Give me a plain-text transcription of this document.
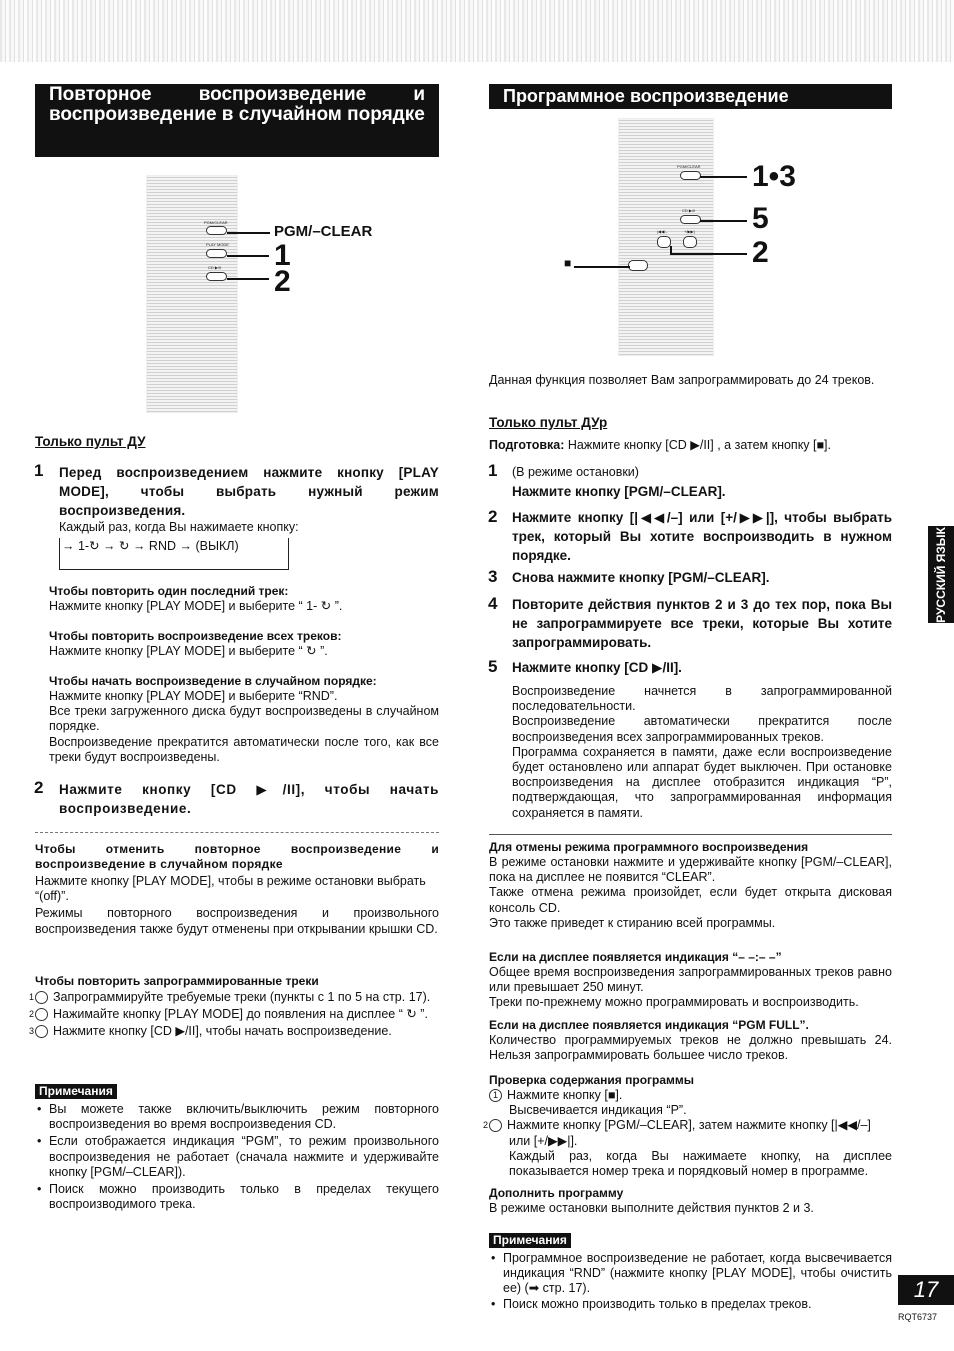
Повторное воспроизведение и воспроизведение в случайном порядке
Программное воспроизведение
PGM/CLEAR
PLAY MODE
CD ▶/II
PGM/–CLEAR
1
2
PGM/CLEAR
CD ▶/II
|◀◀/–	+/▶▶|
1•3
5
2
■
Только пульт ДУ
1 Перед воспроизведением нажмите кнопку [PLAY MODE], чтобы выбрать нужный режим воспроизведения.
Каждый раз, когда Вы нажимаете кнопку:
→ 1-↻ → ↻ → RND → (ВЫКЛ)
Чтобы повторить один последний трек:
Нажмите кнопку [PLAY MODE] и выберите “ 1- ↻ ”.
Чтобы повторить воспроизведение всех треков:
Нажмите кнопку [PLAY MODE] и выберите “ ↻ ”.
Чтобы начать воспроизведение в случайном порядке:

Нажмите кнопку [PLAY MODE] и выберите “RND”.

Все треки загруженного диска будут воспроизведены в случайном порядке.

Воспроизведение прекратится автоматически после того, как все треки будут воспроизведены.

2 Нажмите кнопку [CD ▶/II], чтобы начать воспроизведение.
Чтобы отменить повторное воспроизведение и воспроизведение в случайном порядке

Нажмите кнопку [PLAY MODE], чтобы в режиме остановки выбрать “(off)”.

Режимы повторного воспроизведения и произвольного воспроизведения также будут отменены при открывании крышки CD.

Чтобы повторить запрограммированные треки

1 Запрограммируйте требуемые треки (пункты с 1 по 5 на стр. 17).

2 Нажимайте кнопку [PLAY MODE] до появления на дисплее “ ↻ ”.

3 Нажмите кнопку [CD ▶/II], чтобы начать воспроизведение.

Примечания

• Вы можете также включить/выключить режим повторного воспроизведения во время воспроизведения CD.

• Если отображается индикация “PGM”, то режим произвольного воспроизведения не работает (сначала нажмите и удерживайте кнопку [PGM/–CLEAR]).

• Поиск можно производить только в пределах текущего воспроизводимого трека.

Данная функция позволяет Вам запрограммировать до 24 треков.
Только пульт ДУр
Подготовка: Нажмите кнопку [CD ▶/II] , а затем кнопку [■].
1 (В режиме остановки)
Нажмите кнопку [PGM/–CLEAR].
2 Нажмите кнопку [|◀◀/–] или [+/▶▶|], чтобы выбрать трек, который Вы хотите воспроизводить в нужном порядке.
3 Снова нажмите кнопку [PGM/–CLEAR].
4 Повторите действия пунктов 2 и 3 до тех пор, пока Вы не запрограммируете все треки, которые Вы хотите запрограммировать.
5 Нажмите кнопку [CD ▶/II].

Воспроизведение начнется в запрограммированной последовательности.

Воспроизведение автоматически прекратится после воспроизведения всех запрограммированных треков.

Программа сохраняется в памяти, даже если воспроизведение будет остановлено или аппарат будет выключен. При остановке воспроизведения на дисплее отобразится индикация “P”, подтверждающая, что запрограммированная информация сохраняется в памяти.

Для отмены режима программного воспроизведения

В режиме остановки нажмите и удерживайте кнопку [PGM/–CLEAR], пока на дисплее не появится “CLEAR”.

Также отмена режима произойдет, если будет открыта дисковая консоль CD.

Это также приведет к стиранию всей программы.

Если на дисплее появляется индикация “– –:– –”

Общее время воспроизведения запрограммированных треков равно или превышает 250 минут.

Треки по-прежнему можно программировать и воспроизводить.

Если на дисплее появляется индикация “PGM FULL”.
Количество программируемых треков не должно превышать 24. Нельзя запрограммировать большее число треков.
Проверка содержания программы

1 Нажмите кнопку [■].

Высвечивается индикация “P”.

2 Нажмите кнопку [PGM/–CLEAR], затем нажмите кнопку [|◀◀/–] или [+/▶▶|].

Каждый раз, когда Вы нажимаете кнопку, на дисплее показывается номер трека и порядковый номер в программе.

Дополнить программу
В режиме остановки выполните действия пунктов 2 и 3.
Примечания

• Программное воспроизведение не работает, когда высвечивается индикация “RND” (нажмите кнопку [PLAY MODE], чтобы очистить ее) (➡ стр. 17).

• Поиск можно производить только в пределах треков.

РУССКИЙ ЯЗЫК
17
RQT6737
